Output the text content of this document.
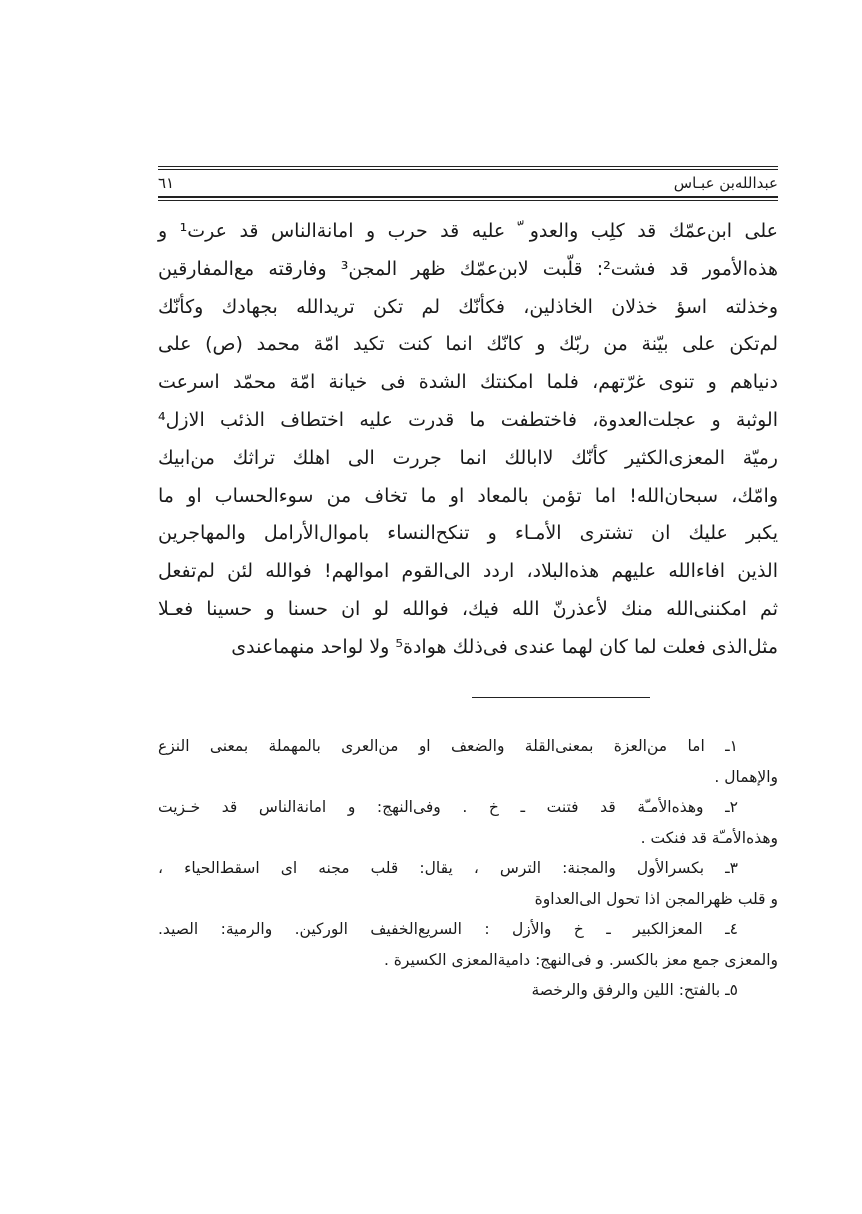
عبدالله‌بن عبـاس
٦١
على ابن‌عمّك قد كلِب والعدو ّ عليه قد حرب و امانةالناس قد عرت¹ و
هذه‌الأمور قد فشت²: قلّبت لابن‌عمّك ظهر المجن³ وفارقته مع‌المفارقين
وخذلته اسؤ خذلان الخاذلين، فكأنّك لم تكن تريدالله بجهادك وكأنّك
لم‌تكن على بيّنة من ربّك و كانّك انما كنت تكيد امّة محمد (ص) على
دنياهم و تنوى غرّتهم، فلما امكنتك الشدة فى خيانة امّة محمّد اسرعت
الوثبة و عجلت‌العدوة، فاختطفت ما قدرت عليه اختطاف الذئب الازل⁴
رميّة المعزى‌الكثير كأنّك لاابالك انما جررت الى اهلك تراثك من‌ابيك
وامّك، سبحان‌الله! اما تؤمن بالمعاد او ما تخاف من سوءالحساب او ما
يكبر عليك ان تشترى الأمـاء و تنكح‌النساء باموال‌الأرامل والمهاجرين
الذين افاءالله عليهم هذه‌البلاد، اردد الى‌القوم اموالهم! فوالله لئن لم‌تفعل
ثم امكننى‌الله منك لأعذرنّ الله فيك، فوالله لو ان حسنا و حسينا فعـلا
مثل‌الذى فعلت لما كان لهما عندى فى‌ذلك هوادة⁵ ولا لواحد منهماعندى
١ـ اما من‌العزة بمعنى‌القلة والضعف او من‌العرى بالمهملة بمعنى النزع
والإهمال .
٢ـ وهذه‌الأمـّة قد فتنت ـ خ . وفى‌النهج: و امانةالناس قد خـزيت
وهذه‌الأمـّة قد فنكت .
٣ـ بكسرالأول والمجنة: الترس ، يقال: قلب مجنه اى اسقط‌الحياء ،
و قلب ظهرالمجن اذا تحول الى‌العداوة
٤ـ المعزالكبير ـ خ والأزل : السريع‌الخفيف الوركين. والرمية: الصيد.
والمعزى جمع معز بالكسر. و فى‌النهج: دامية‌المعزى الكسيرة .
٥ـ بالفتح: اللين والرفق والرخصة
